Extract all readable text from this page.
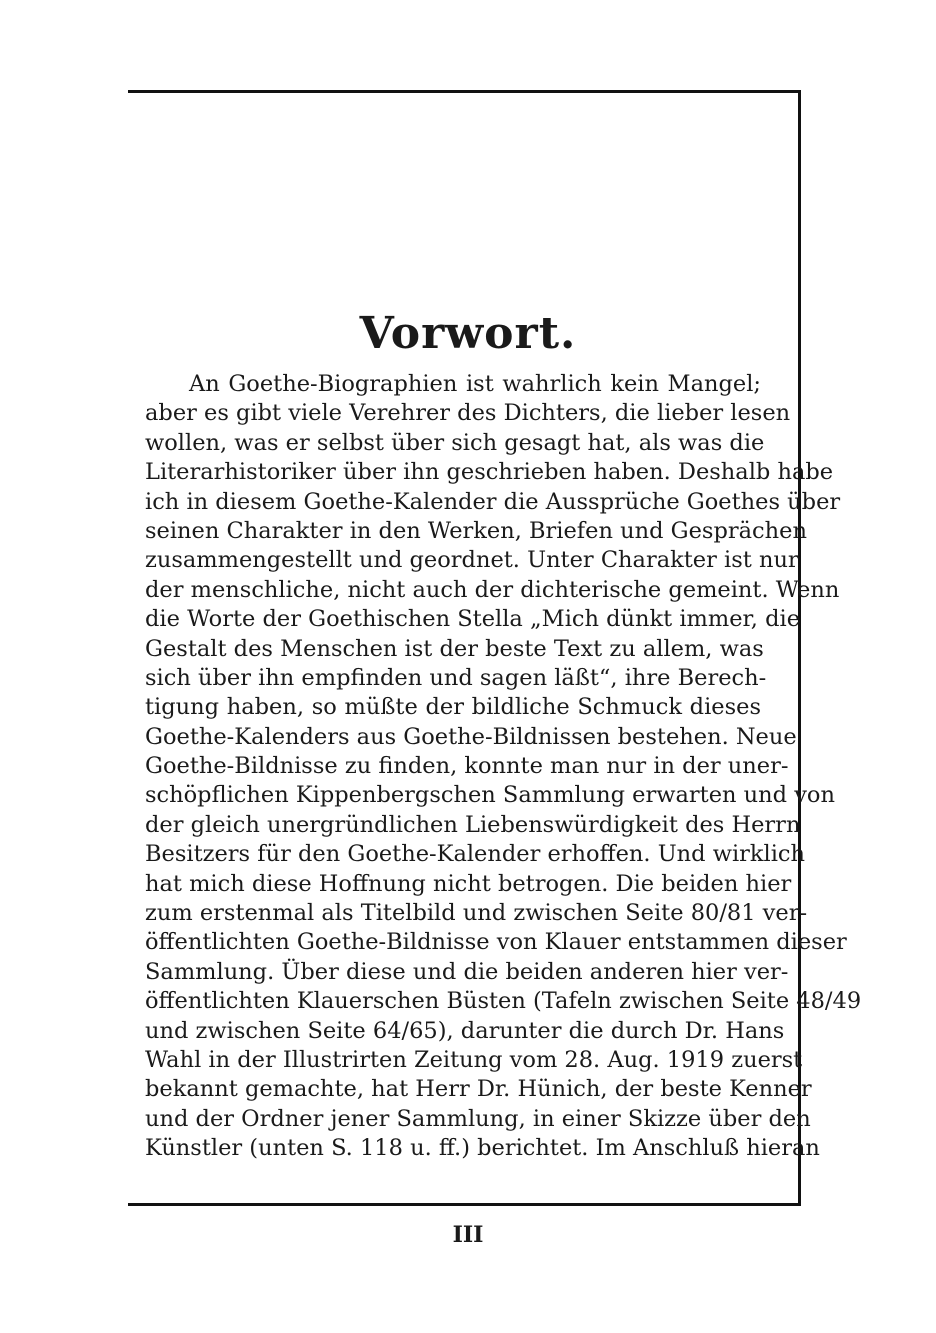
Vorwort.
An Goethe-Biographien ist wahrlich kein Mangel;
aber es gibt viele Verehrer des Dichters, die lieber lesen
wollen, was er selbst über sich gesagt hat, als was die
Literarhistoriker über ihn geschrieben haben. Deshalb habe
ich in diesem Goethe-Kalender die Aussprüche Goethes über
seinen Charakter in den Werken, Briefen und Gesprächen
zusammengestellt und geordnet. Unter Charakter ist nur
der menschliche, nicht auch der dichterische gemeint. Wenn
die Worte der Goethischen Stella „Mich dünkt immer, die
Gestalt des Menschen ist der beste Text zu allem, was
sich über ihn empfinden und sagen läßt“, ihre Berech-
tigung haben, so müßte der bildliche Schmuck dieses
Goethe-Kalenders aus Goethe-Bildnissen bestehen. Neue
Goethe-Bildnisse zu finden, konnte man nur in der uner-
schöpflichen Kippenbergschen Sammlung erwarten und von
der gleich unergründlichen Liebenswürdigkeit des Herrn
Besitzers für den Goethe-Kalender erhoffen. Und wirklich
hat mich diese Hoffnung nicht betrogen. Die beiden hier
zum erstenmal als Titelbild und zwischen Seite 80/81 ver-
öffentlichten Goethe-Bildnisse von Klauer entstammen dieser
Sammlung. Über diese und die beiden anderen hier ver-
öffentlichten Klauerschen Büsten (Tafeln zwischen Seite 48/49
und zwischen Seite 64/65), darunter die durch Dr. Hans
Wahl in der Illustrirten Zeitung vom 28. Aug. 1919 zuerst
bekannt gemachte, hat Herr Dr. Hünich, der beste Kenner
und der Ordner jener Sammlung, in einer Skizze über den
Künstler (unten S. 118 u. ff.) berichtet. Im Anschluß hieran
III
